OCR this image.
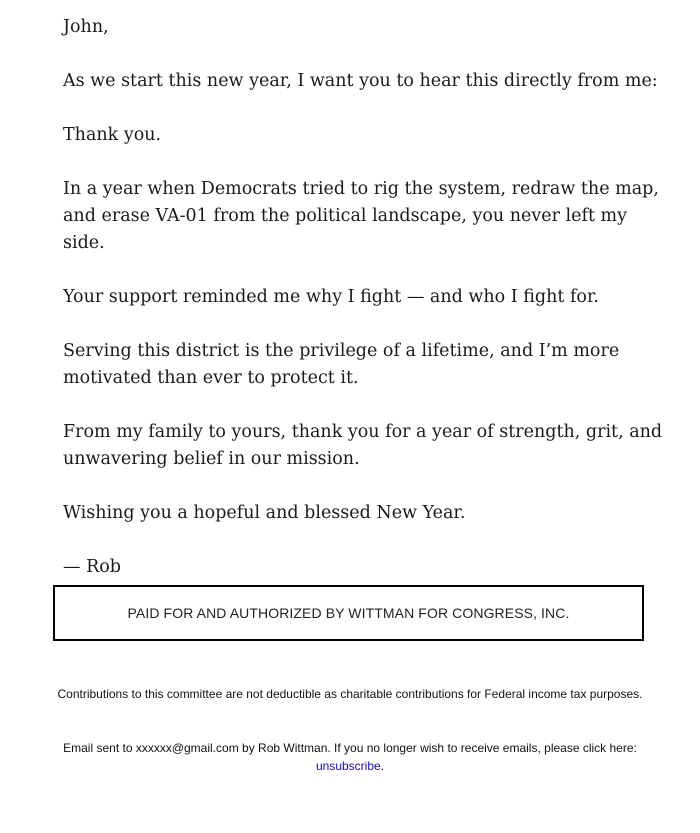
John,

As we start this new year, I want you to hear this directly from me:

Thank you.

In a year when Democrats tried to rig the system, redraw the map, and erase VA-01 from the political landscape, you never left my side.

Your support reminded me why I fight — and who I fight for.

Serving this district is the privilege of a lifetime, and I’m more motivated than ever to protect it.

From my family to yours, thank you for a year of strength, grit, and unwavering belief in our mission.

Wishing you a hopeful and blessed New Year.

— Rob

PAID FOR AND AUTHORIZED BY WITTMAN FOR CONGRESS, INC.
Contributions to this committee are not deductible as charitable contributions for Federal income tax purposes.
Email sent to xxxxxx@gmail.com by Rob Wittman. If you no longer wish to receive emails, please click here: unsubscribe.
